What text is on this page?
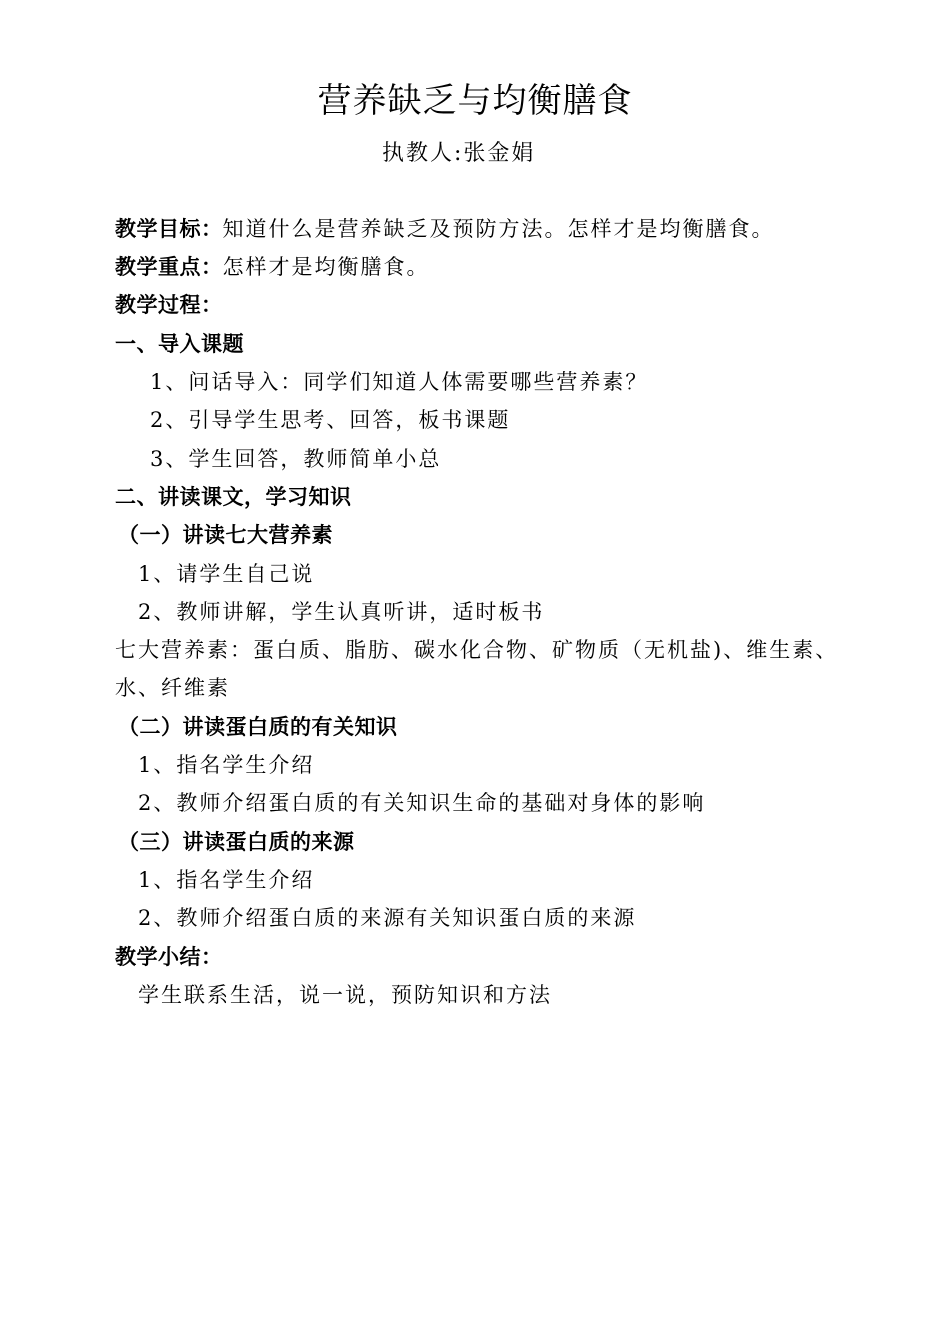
营养缺乏与均衡膳食
执教人:张金娟
教学目标：知道什么是营养缺乏及预防方法。怎样才是均衡膳食。
教学重点：怎样才是均衡膳食。
教学过程：
一、导入课题
1、问话导入：同学们知道人体需要哪些营养素？
2、引导学生思考、回答，板书课题
3、学生回答，教师简单小总
二、讲读课文，学习知识
（一）讲读七大营养素
1、请学生自己说
2、教师讲解，学生认真听讲，适时板书
七大营养素：蛋白质、脂肪、碳水化合物、矿物质（无机盐)、维生素、
水、纤维素
（二）讲读蛋白质的有关知识
1、指名学生介绍
2、教师介绍蛋白质的有关知识生命的基础对身体的影响
（三）讲读蛋白质的来源
1、指名学生介绍
2、教师介绍蛋白质的来源有关知识蛋白质的来源
教学小结：
学生联系生活，说一说，预防知识和方法
